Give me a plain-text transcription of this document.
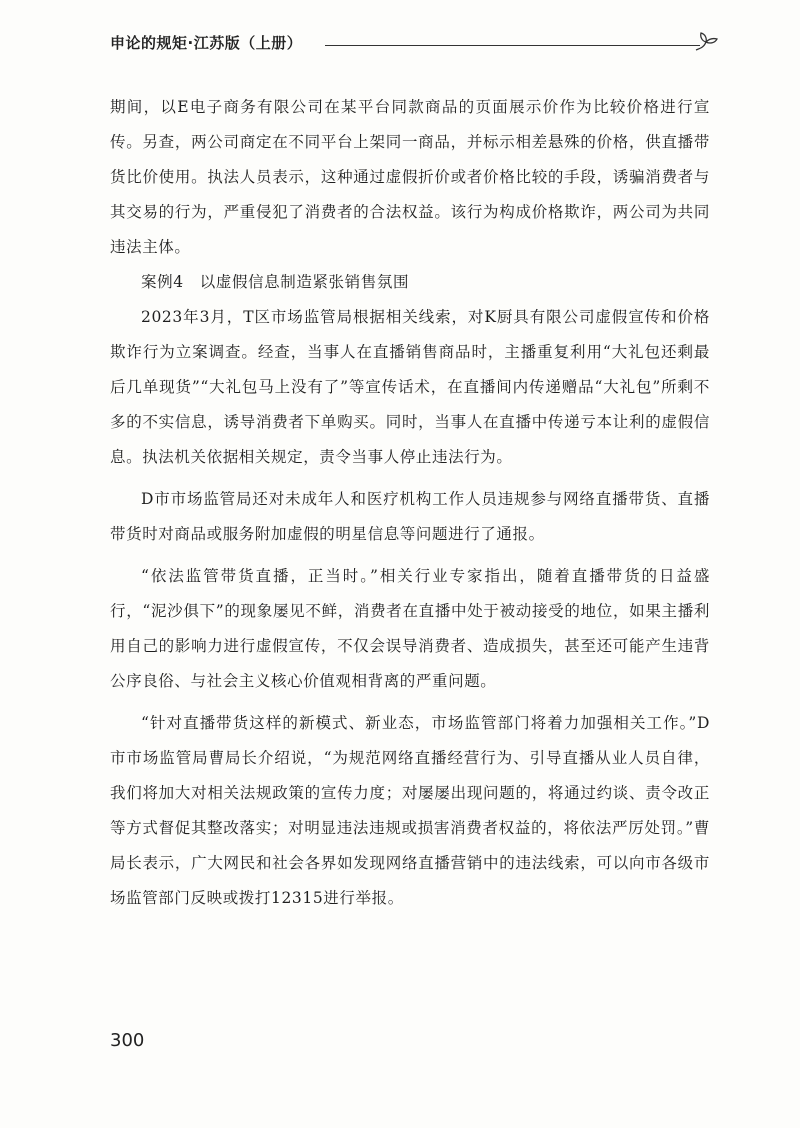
申论的规矩·江苏版（上册）

期间，以E电子商务有限公司在某平台同款商品的页面展示价作为比较价格进行宣传。另查，两公司商定在不同平台上架同一商品，并标示相差悬殊的价格，供直播带货比价使用。执法人员表示，这种通过虚假折价或者价格比较的手段，诱骗消费者与其交易的行为，严重侵犯了消费者的合法权益。该行为构成价格欺诈，两公司为共同违法主体。

案例4　以虚假信息制造紧张销售氛围

2023年3月，T区市场监管局根据相关线索，对K厨具有限公司虚假宣传和价格欺诈行为立案调查。经查，当事人在直播销售商品时，主播重复利用“大礼包还剩最后几单现货”“大礼包马上没有了”等宣传话术，在直播间内传递赠品“大礼包”所剩不多的不实信息，诱导消费者下单购买。同时，当事人在直播中传递亏本让利的虚假信息。执法机关依据相关规定，责令当事人停止违法行为。

D市市场监管局还对未成年人和医疗机构工作人员违规参与网络直播带货、直播带货时对商品或服务附加虚假的明星信息等问题进行了通报。

“依法监管带货直播，正当时。”相关行业专家指出，随着直播带货的日益盛行，“泥沙俱下”的现象屡见不鲜，消费者在直播中处于被动接受的地位，如果主播利用自己的影响力进行虚假宣传，不仅会误导消费者、造成损失，甚至还可能产生违背公序良俗、与社会主义核心价值观相背离的严重问题。

“针对直播带货这样的新模式、新业态，市场监管部门将着力加强相关工作。”D市市场监管局曹局长介绍说，“为规范网络直播经营行为、引导直播从业人员自律，我们将加大对相关法规政策的宣传力度；对屡屡出现问题的，将通过约谈、责令改正等方式督促其整改落实；对明显违法违规或损害消费者权益的，将依法严厉处罚。”曹局长表示，广大网民和社会各界如发现网络直播营销中的违法线索，可以向市各级市场监管部门反映或拨打12315进行举报。

300
